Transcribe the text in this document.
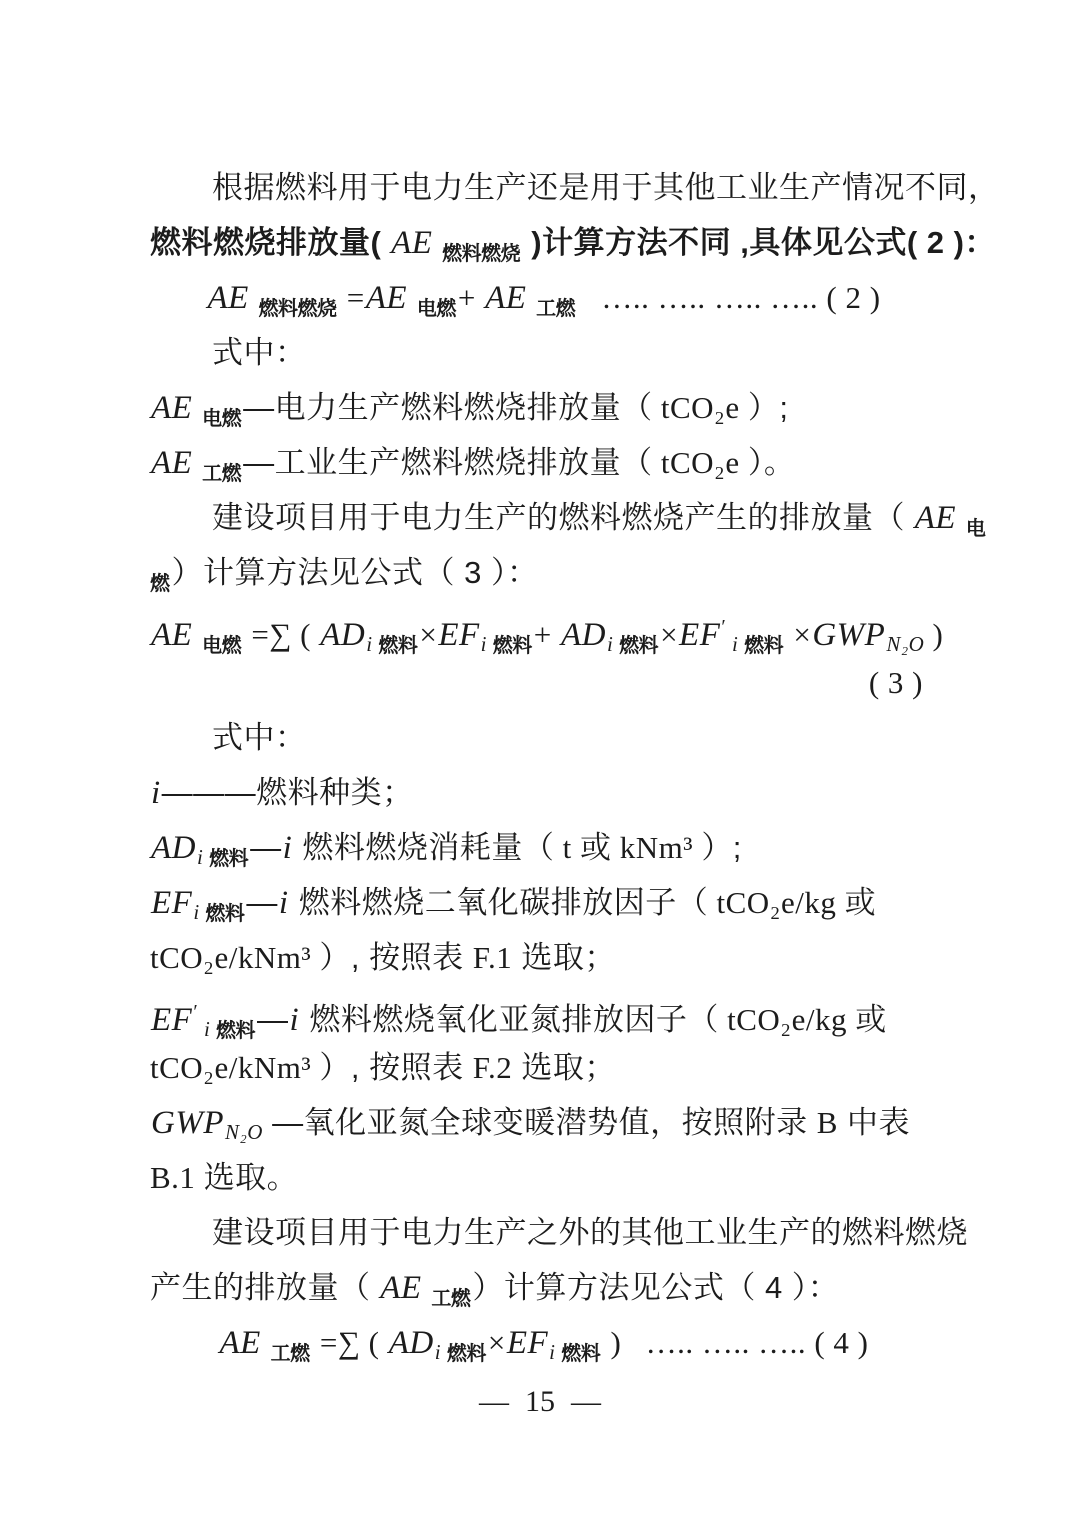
根据燃料用于电力生产还是用于其他工业生产情况不同，
燃料燃烧排放量( AE $_{燃料燃烧}$ )计算方法不同 ,具体见公式( 2 )：
AE $_{燃料燃烧}$ =AE $_{电燃}$+ AE $_{工燃}$  ….. ….. ….. ….. ( 2 )
式中：
AE $_{电燃}$—电力生产燃料燃烧排放量（ tCO₂e ）;
AE $_{工燃}$—工业生产燃料燃烧排放量（ tCO₂e ）。
建设项目用于电力生产的燃料燃烧产生的排放量（ AE $_电$
$_燃$）计算方法见公式（ 3 ）：
AE $_{电燃}$ =∑ ( ADi $_{燃料}$×EFi $_{燃料}$+ ADi $_{燃料}$×EF′ i $_{燃料}$ ×GWPN₂O )
( 3 )
式中：
i———燃料种类；
ADi $_{燃料}$—i 燃料燃烧消耗量（ t 或 kNm³ ）;
EFi $_{燃料}$—i 燃料燃烧二氧化碳排放因子（ tCO₂e/kg 或
tCO₂e/kNm³ ）, 按照表 F.1 选取；
EF′ i $_{燃料}$—i 燃料燃烧氧化亚氮排放因子（ tCO₂e/kg 或
tCO₂e/kNm³ ）, 按照表 F.2 选取；
GWPN₂O —氧化亚氮全球变暖潜势值，按照附录 B 中表
B.1 选取。
建设项目用于电力生产之外的其他工业生产的燃料燃烧
产生的排放量（ AE $_{工燃}$）计算方法见公式（ 4 ）：
AE $_{工燃}$ =∑ ( ADi $_{燃料}$×EFi $_{燃料}$ )  ….. ….. ….. ( 4 )
— 15 —
